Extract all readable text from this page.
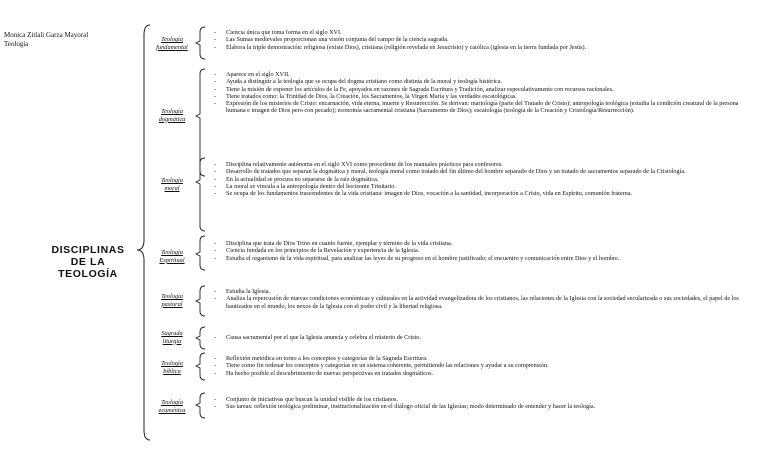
Monica Zitlali Garza Mayoral
Teologia
DISCIPLINAS
DE LA
TEOLOGÍA
Teología
fundamental
Teología
dogmática
Teología
moral
Teología
Espiritual
Teología
pastoral
Sagrada
liturgia
Teología
bíblica
Teología
ecuménica
- Ciencia única que toma forma en el siglo XVI.
- Las Sumas medievales proporcionan una visión conjunta del campo de la ciencia sagrada.
- Elabora la triple demostración: religiosa (existe Dios), cristiana (religión revelada en Jesucristo) y católica (iglesia en la tierra fundada por Jesús).
- Aparece en el siglo XVII.
- Ayuda a distinguir a la teología que se ocupa del dogma cristiano como distinta de la moral y teología histórica.
- Tiene la misión de exponer los artículos de la Fe, apoyados en razones de Sagrada Escritura y Tradición, analizar especulativamente con recursos racionales.
- Tiene tratados como: la Trinidad de Dios, la Creación, los Sacramentos, la Virgen María y las verdades escatológicas.
- Expresión de los misterios de Cristo: encarnación, vida eterna, muerte y Resurrección. Se derivan: mariología (parte del Tratado de Cristo); antropología teológica (estudia la condición creatural de la persona humana e imagen de Dios pero con pecado); economía sacramental cristiana (Sacramento de Dios); escatología (teología de la Creación y Cristología/Resurrección).
- Disciplina relativamente autónoma en el siglo XVI como procedente de los manuales prácticos para confesores.
- Desarrollo de tratados que separan la dogmática y moral, teología moral como tratado del fin último del hombre separado de Dios y un tratado de sacramentos separado de la Cristología.
- En la actualidad se procura no separarse de la raíz dogmática.
- La moral se vincula a la antropología dentro del horizonte Trinitario.
- Se ocupa de los fundamentos trascendentes de la vida cristiana: imagen de Dios, vocación a la santidad, incorporación a Cristo, vida en Espíritu, comunión fraterna.
- Disciplina que trata de Dios Trino en cuanto fuente, ejemplar y término de la vida cristiana.
- Ciencia fundada en los principios de la Revelación y experiencia de la Iglesia.
- Estudia el organismo de la vida espiritual, para analizar las leyes de su progreso en el hombre justificado; el encuentro y comunicación entre Dios y el hombre.
- Estudia la Iglesia.
- Analiza la repercusión de nuevas condiciones económicas y culturales en la actividad evangelizadora de los cristianos, las relaciones de la Iglesia con la sociedad secularizada o sus sociedades, el papel de los bautizados en el mundo, los nexos de la Iglesia con el poder civil y la libertad religiosa.
- Causa sacramental por el que la Iglesia anuncia y celebra el misterio de Cristo.
- Reflexión metódica en torno a los conceptos y categorías de la Sagrada Escritura.
- Tiene como fin ordenar los conceptos y categorías en un sistema coherente, permitiendo las relaciones y ayudar a su comprensión.
- Ha hecho posible el descubrimiento de nuevas perspectivas en tratados dogmáticos.
- Conjunto de iniciativas que buscan la unidad visible de los cristianos.
- Sus tareas: reflexión teológica preliminar, institucionalización en el diálogo oficial de las Iglesias; modo determinado de entender y hacer la teología.
